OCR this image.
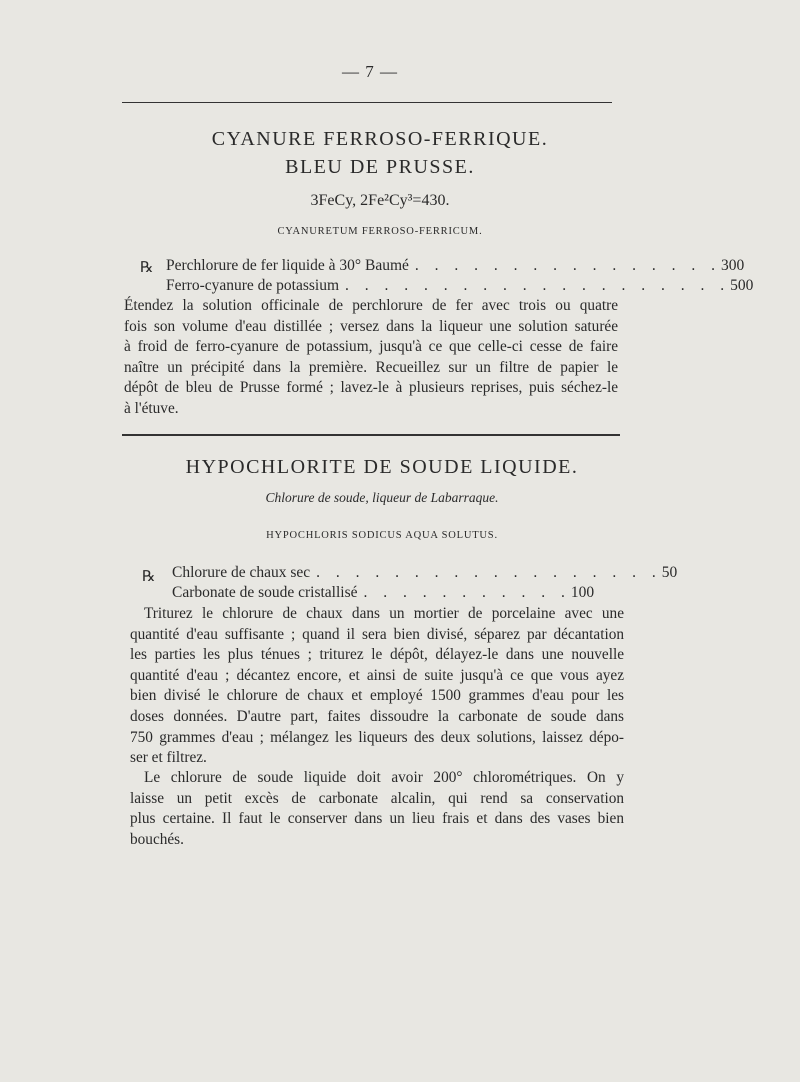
— 7 —
CYANURE FERROSO-FERRIQUE.
BLEU DE PRUSSE.
3FeCy, 2Fe²Cy³=430.
CYANURETUM FERROSO-FERRICUM.
℞ Perchlorure de fer liquide à 30° Baumé . . . . . . . . . . . . . . . . 300
Ferro-cyanure de potassium . . . . . . . . . . . . . . . . . . . . 500
Étendez la solution officinale de perchlorure de fer avec trois ou quatre
fois son volume d'eau distillée ; versez dans la liqueur une solution saturée
à froid de ferro-cyanure de potassium, jusqu'à ce que celle-ci cesse de faire
naître un précipité dans la première. Recueillez sur un filtre de papier le
dépôt de bleu de Prusse formé ; lavez-le à plusieurs reprises, puis séchez-le
à l'étuve.
HYPOCHLORITE DE SOUDE LIQUIDE.
Chlorure de soude, liqueur de Labarraque.
HYPOCHLORIS SODICUS AQUA SOLUTUS.
℞ Chlorure de chaux sec . . . . . . . . . . . . . . . . . . 50
Carbonate de soude cristallisé . . . . . . . . . . . 100
Triturez le chlorure de chaux dans un mortier de porcelaine avec une
quantité d'eau suffisante ; quand il sera bien divisé, séparez par décantation
les parties les plus ténues ; triturez le dépôt, délayez-le dans une nouvelle
quantité d'eau ; décantez encore, et ainsi de suite jusqu'à ce que vous ayez
bien divisé le chlorure de chaux et employé 1500 grammes d'eau pour les
doses données. D'autre part, faites dissoudre la carbonate de soude dans
750 grammes d'eau ; mélangez les liqueurs des deux solutions, laissez dépo-
ser et filtrez.
Le chlorure de soude liquide doit avoir 200° chlorométriques. On y
laisse un petit excès de carbonate alcalin, qui rend sa conservation
plus certaine. Il faut le conserver dans un lieu frais et dans des vases bien
bouchés.
